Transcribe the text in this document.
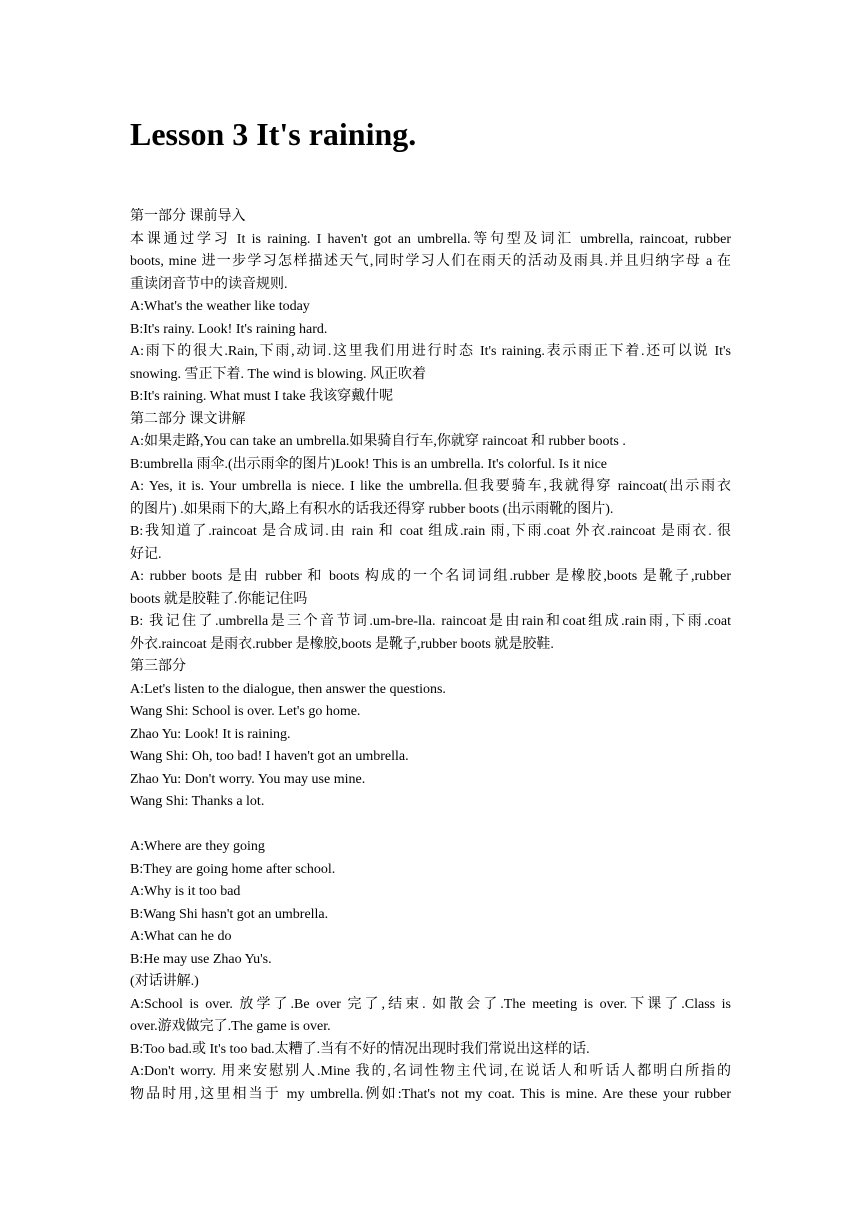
Lesson 3 It's raining.
第一部分 课前导入
本课通过学习 It is raining. I haven't got an umbrella.等句型及词汇 umbrella, raincoat, rubber
boots, mine 进一步学习怎样描述天气,同时学习人们在雨天的活动及雨具.并且归纳字母 a 在
重读闭音节中的读音规则.
A:What's the weather like today
B:It's rainy. Look! It's raining hard.
A:雨下的很大.Rain,下雨,动词.这里我们用进行时态 It's raining.表示雨正下着.还可以说 It's
snowing. 雪正下着. The wind is blowing. 风正吹着
B:It's raining. What must I take 我该穿戴什呢
第二部分 课文讲解
A:如果走路,You can take an umbrella.如果骑自行车,你就穿 raincoat 和 rubber boots .
B:umbrella 雨伞.(出示雨伞的图片)Look! This is an umbrella. It's colorful. Is it nice
A: Yes, it is. Your umbrella is niece. I like the umbrella.但我要骑车,我就得穿 raincoat(出示雨衣
的图片) .如果雨下的大,路上有积水的话我还得穿 rubber boots (出示雨靴的图片).
B:我知道了.raincoat 是合成词.由 rain 和 coat 组成.rain 雨,下雨.coat 外衣.raincoat 是雨衣. 很
好记.
A: rubber boots 是由 rubber 和 boots 构成的一个名词词组.rubber 是橡胶,boots 是靴子,rubber
boots 就是胶鞋了.你能记住吗
B: 我记住了.umbrella是三个音节词.um-bre-lla. raincoat是由rain和coat组成.rain雨,下雨.coat
外衣.raincoat 是雨衣.rubber 是橡胶,boots 是靴子,rubber boots 就是胶鞋.
第三部分
A:Let's listen to the dialogue, then answer the questions.
Wang Shi: School is over. Let's go home.
Zhao Yu: Look! It is raining.
Wang Shi: Oh, too bad! I haven't got an umbrella.
Zhao Yu: Don't worry. You may use mine.
Wang Shi: Thanks a lot.
A:Where are they going
B:They are going home after school.
A:Why is it too bad
B:Wang Shi hasn't got an umbrella.
A:What can he do
B:He may use Zhao Yu's.
(对话讲解.)
A:School is over. 放学了.Be over 完了,结束. 如散会了.The meeting is over.下课了.Class is
over.游戏做完了.The game is over.
B:Too bad.或 It's too bad.太糟了.当有不好的情况出现时我们常说出这样的话.
A:Don't worry. 用来安慰别人.Mine 我的,名词性物主代词,在说话人和听话人都明白所指的
物品时用,这里相当于 my umbrella.例如:That's not my coat. This is mine. Are these your rubber
